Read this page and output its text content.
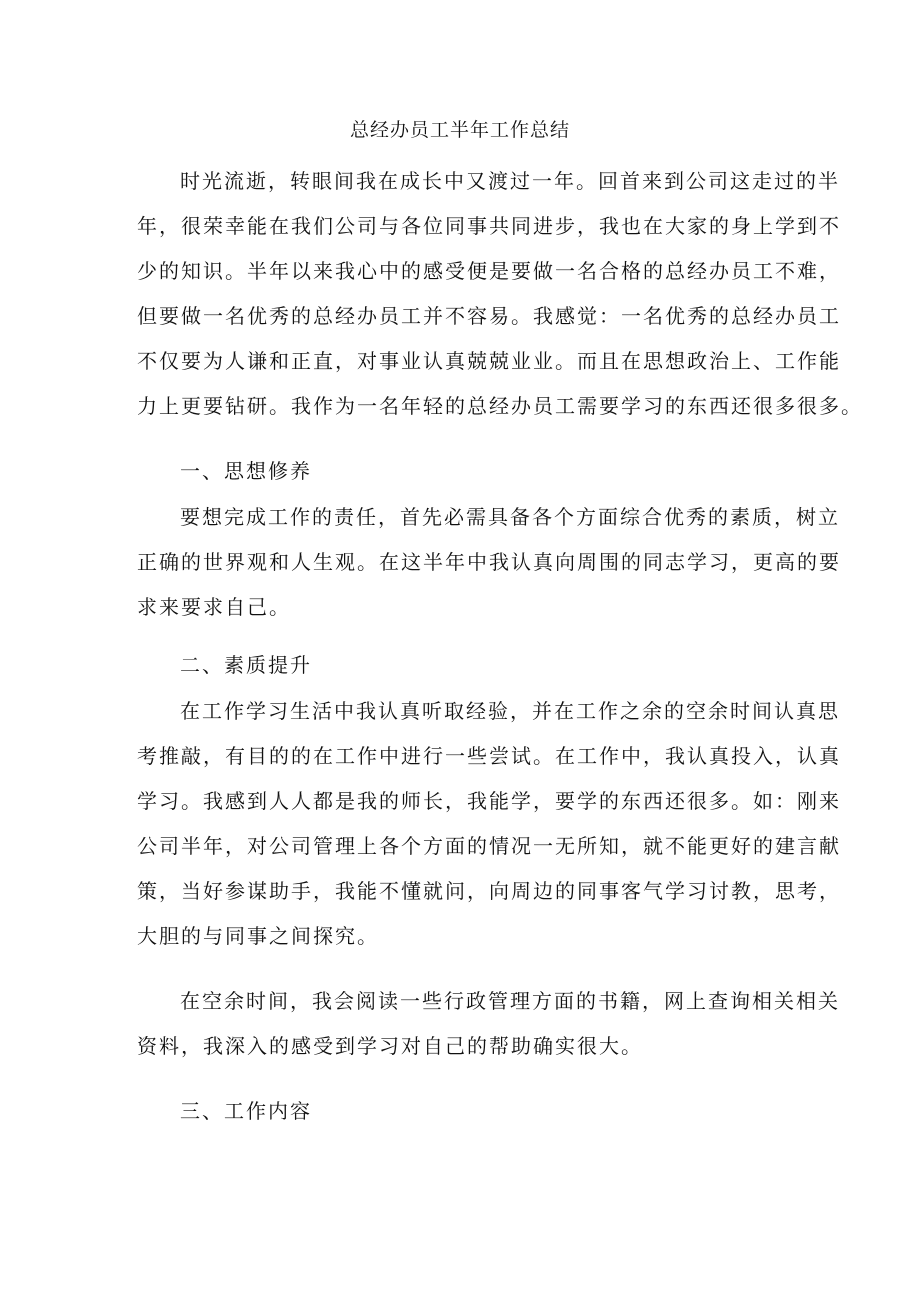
总经办员工半年工作总结
时光流逝，转眼间我在成长中又渡过一年。回首来到公司这走过的半
年，很荣幸能在我们公司与各位同事共同进步，我也在大家的身上学到不
少的知识。半年以来我心中的感受便是要做一名合格的总经办员工不难，
但要做一名优秀的总经办员工并不容易。我感觉：一名优秀的总经办员工
不仅要为人谦和正直，对事业认真兢兢业业。而且在思想政治上、工作能
力上更要钻研。我作为一名年轻的总经办员工需要学习的东西还很多很多。
一、思想修养
要想完成工作的责任，首先必需具备各个方面综合优秀的素质，树立
正确的世界观和人生观。在这半年中我认真向周围的同志学习，更高的要
求来要求自己。
二、素质提升
在工作学习生活中我认真听取经验，并在工作之余的空余时间认真思
考推敲，有目的的在工作中进行一些尝试。在工作中，我认真投入，认真
学习。我感到人人都是我的师长，我能学，要学的东西还很多。如：刚来
公司半年，对公司管理上各个方面的情况一无所知，就不能更好的建言献
策，当好参谋助手，我能不懂就问，向周边的同事客气学习讨教，思考，
大胆的与同事之间探究。
在空余时间，我会阅读一些行政管理方面的书籍，网上查询相关相关
资料，我深入的感受到学习对自己的帮助确实很大。
三、工作内容
